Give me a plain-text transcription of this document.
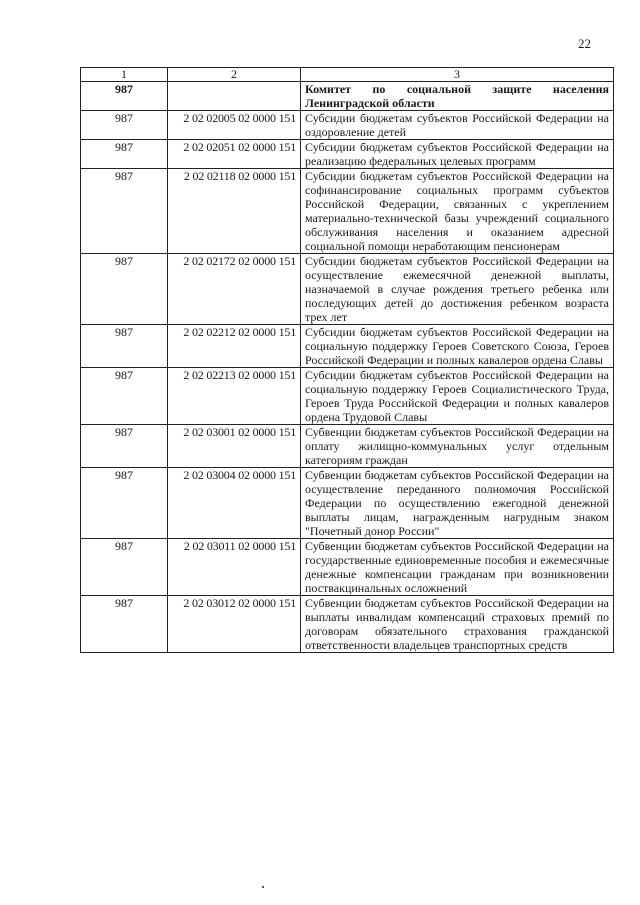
22
1	2	3
987		Комитет по социальной защите населения Ленинградской области

987	2 02 02005 02 0000 151	Субсидии бюджетам субъектов Российской Федерации на оздоровление детей

987	2 02 02051 02 0000 151	Субсидии бюджетам субъектов Российской Федерации на реализацию федеральных целевых программ

987	2 02 02118 02 0000 151	Субсидии бюджетам субъектов Российской Федерации на софинансирование социальных программ субъектов Российской Федерации, связанных с укреплением материально-технической базы учреждений социального обслуживания населения и оказанием адресной социальной помощи неработающим пенсионерам

987	2 02 02172 02 0000 151	Субсидии бюджетам субъектов Российской Федерации на осуществление ежемесячной денежной выплаты, назначаемой в случае рождения третьего ребенка или последующих детей до достижения ребенком возраста трех лет

987	2 02 02212 02 0000 151	Субсидии бюджетам субъектов Российской Федерации на социальную поддержку Героев Советского Союза, Героев Российской Федерации и полных кавалеров ордена Славы

987	2 02 02213 02 0000 151	Субсидии бюджетам субъектов Российской Федерации на социальную поддержку Героев Социалистического Труда, Героев Труда Российской Федерации и полных кавалеров ордена Трудовой Славы

987	2 02 03001 02 0000 151	Субвенции бюджетам субъектов Российской Федерации на оплату жилищно-коммунальных услуг отдельным категориям граждан

987	2 02 03004 02 0000 151	Субвенции бюджетам субъектов Российской Федерации на осуществление переданного полномочия Российской Федерации по осуществлению ежегодной денежной выплаты лицам, награжденным нагрудным знаком "Почетный донор России"

987	2 02 03011 02 0000 151	Субвенции бюджетам субъектов Российской Федерации на государственные единовременные пособия и ежемесячные денежные компенсации гражданам при возникновении поствакцинальных осложнений

987	2 02 03012 02 0000 151	Субвенции бюджетам субъектов Российской Федерации на выплаты инвалидам компенсаций страховых премий по договорам обязательного страхования гражданской ответственности владельцев транспортных средств
